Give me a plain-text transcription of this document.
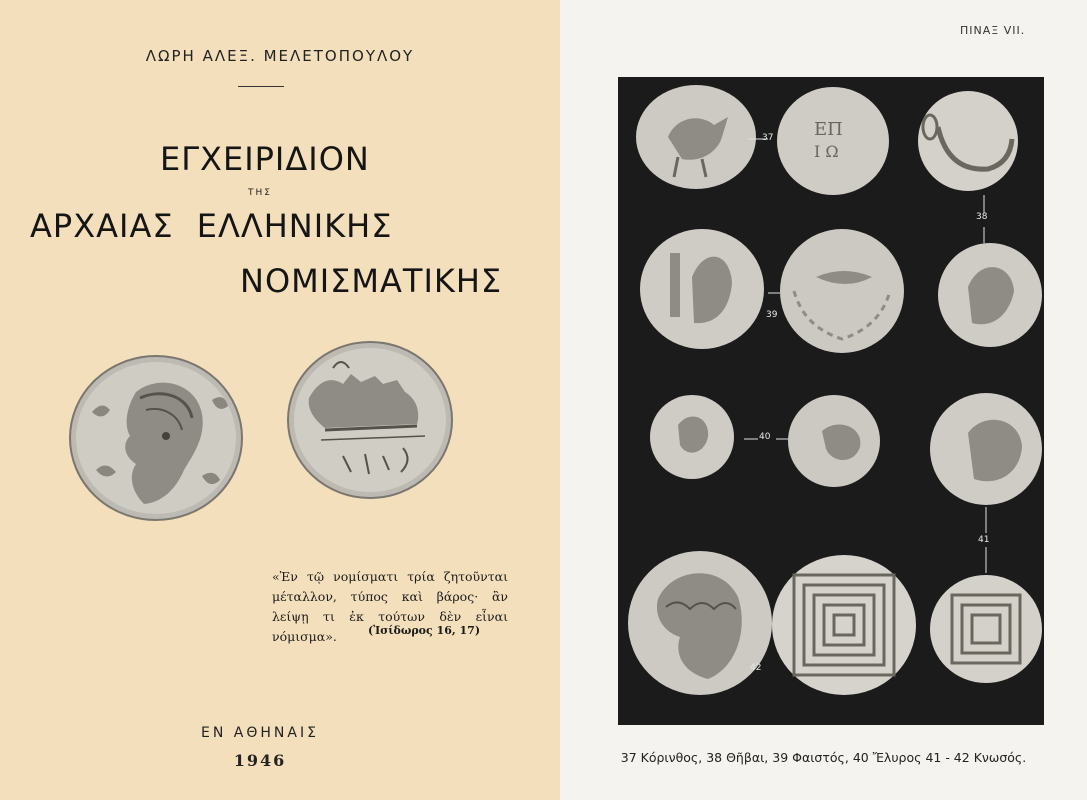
ΛΩΡΗ ΑΛΕΞ. ΜΕΛΕΤΟΠΟΥΛΟΥ
ΕΓΧΕΙΡΙΔΙΟΝ
ΤΗΣ
ΑΡΧΑΙΑΣ ΕΛΛΗΝΙΚΗΣ
ΝΟΜΙΣΜΑΤΙΚΗΣ
«Ἐν τῷ νομίσματι τρία ζητοῦνται μέταλλον, τύπος καὶ βάρος· ἂν λείψῃ τι ἐκ τούτων δὲν εἶναι νόμισμα».	(Ἰσίδωρος 16, 17)
ΕΝ ΑΘΗΝΑΙΣ
1946
ΠΙΝΑΞ VII.
ΕΠ
Ι Ω
37
38
39
40
41
42
37 Κόρινθος, 38 Θῆβαι, 39 Φαιστός, 40 Ἔλυρος 41 - 42 Κνωσός.
